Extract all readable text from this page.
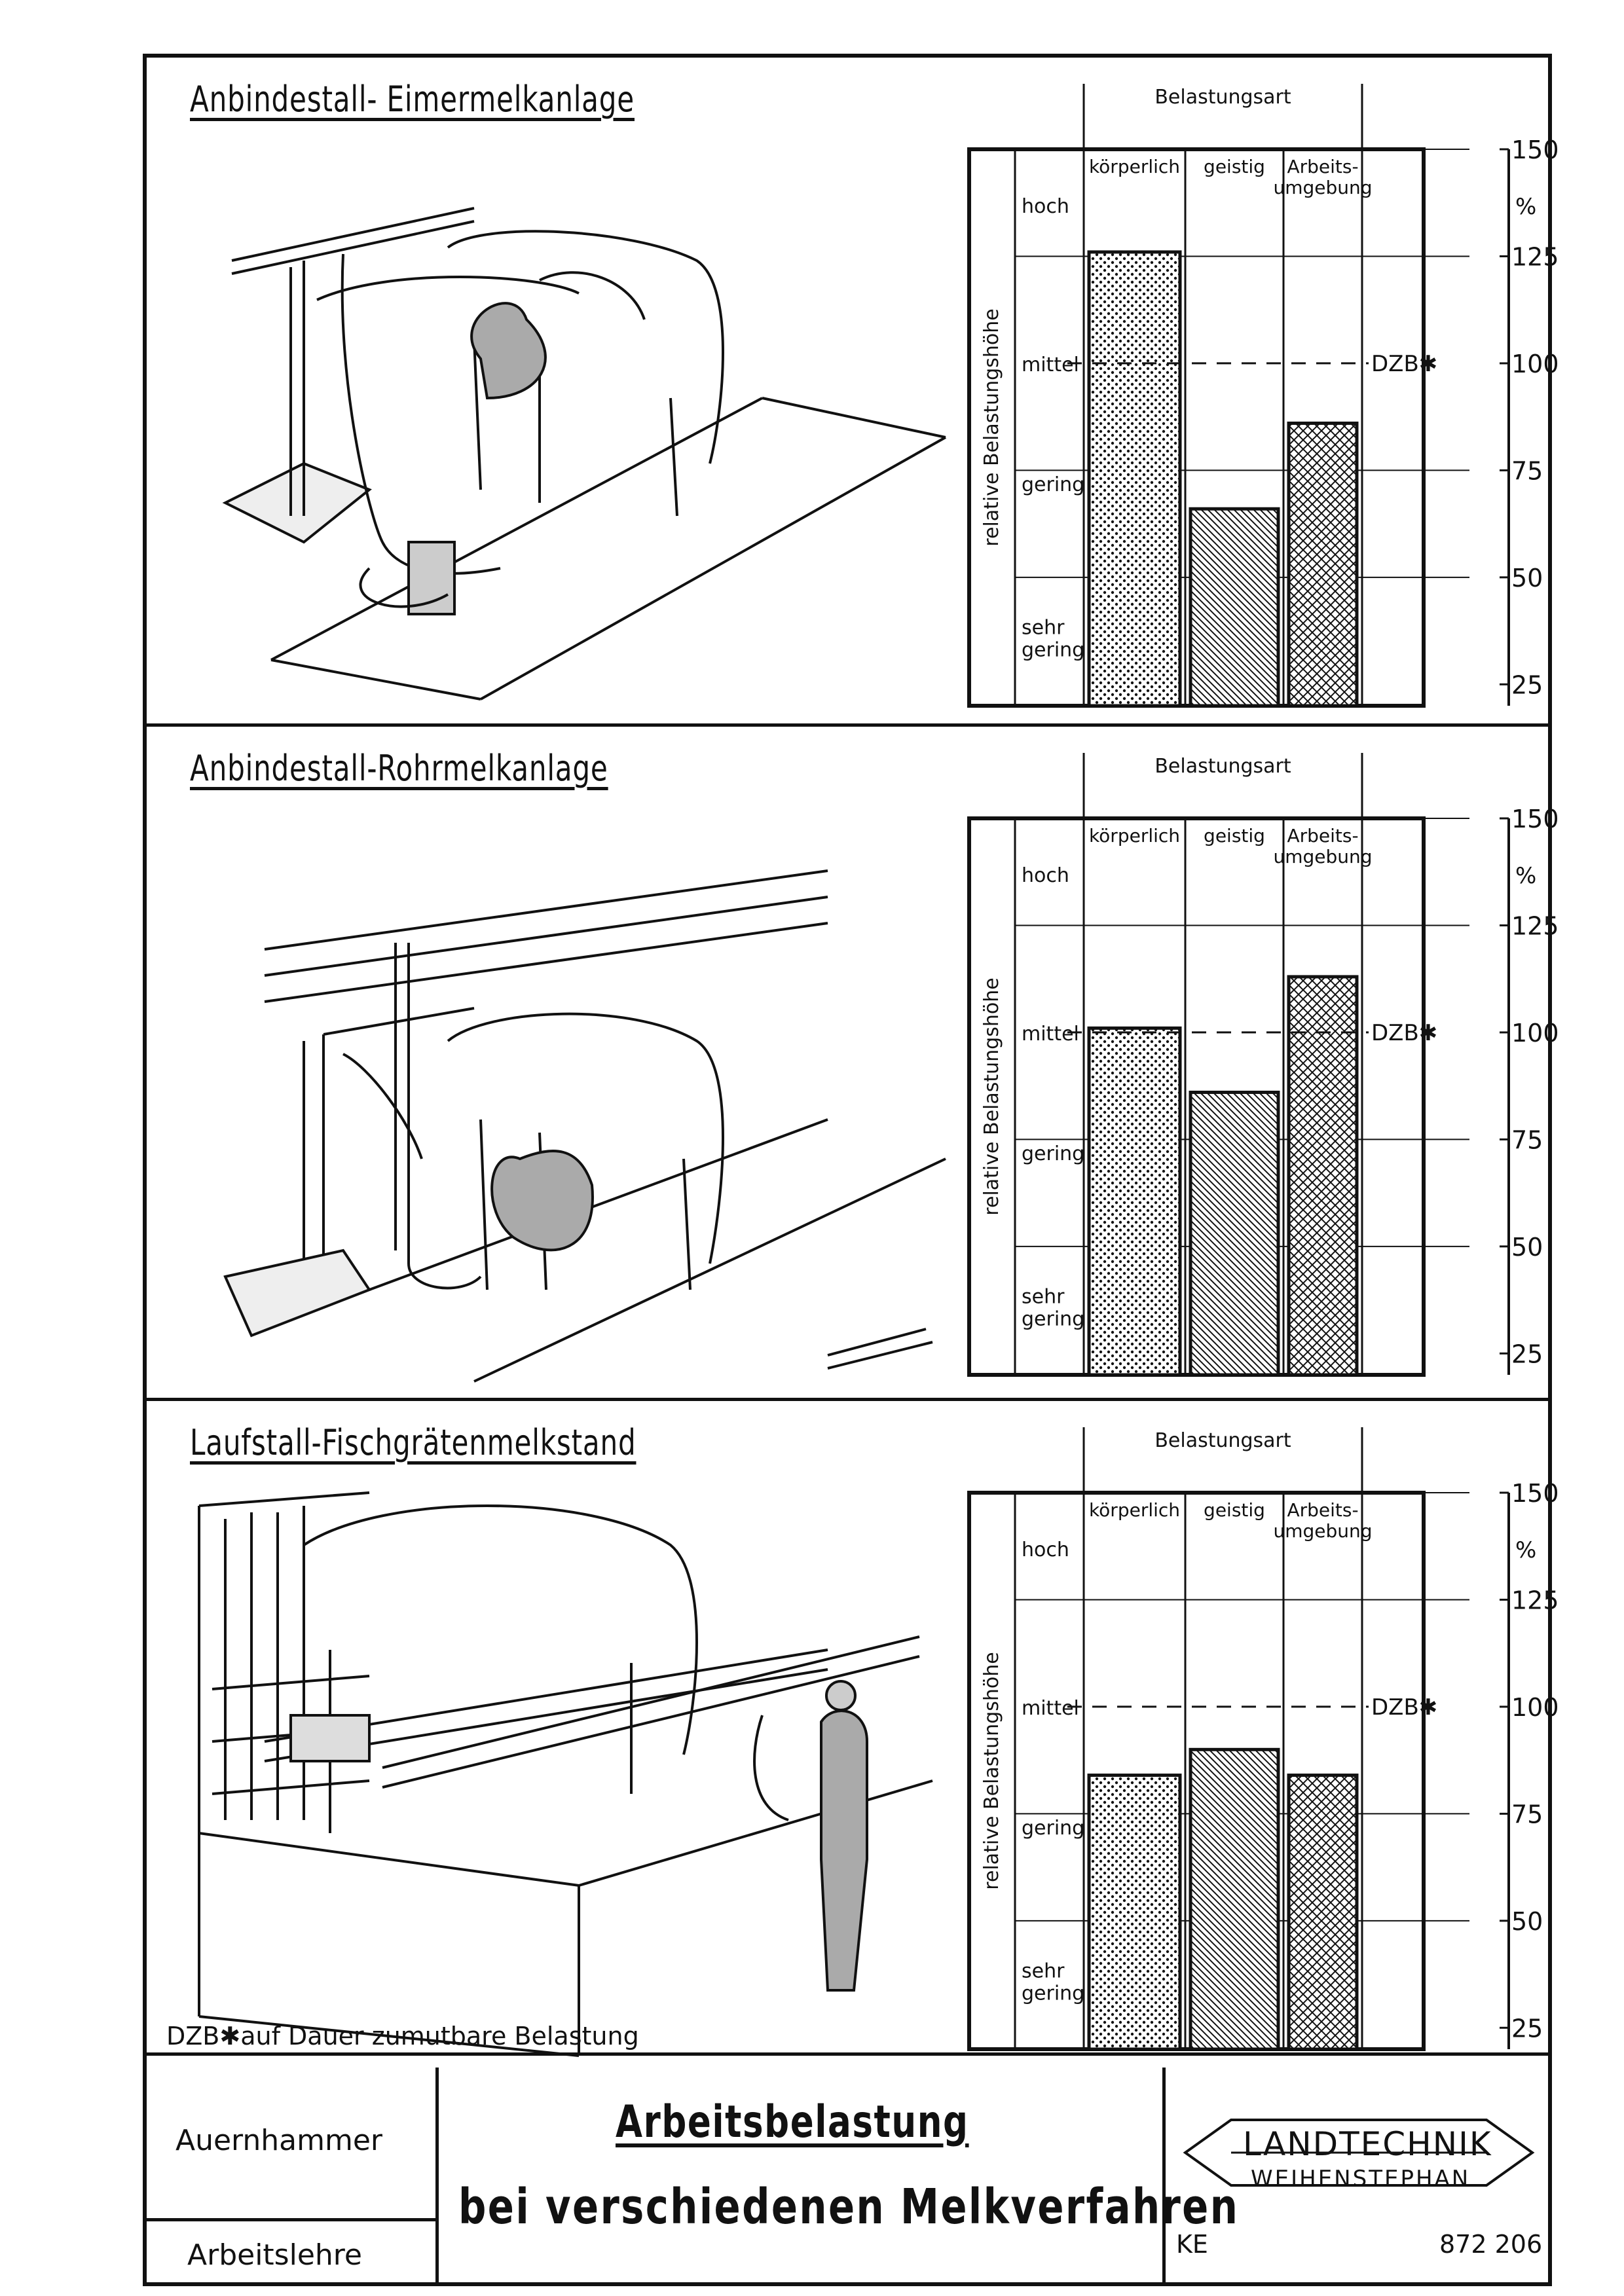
Anbindestall- Eimermelkanlage	Belastungsart
hoch
mittel
gering
sehr
gering
relative Belastungshöhe
körperlich geistig Arbeits-
umgebung
DZB✱
150
125
100
75
50
25
%
Anbindestall-Rohrmelkanlage	Belastungsart
hoch
mittel
gering
sehr
gering
relative Belastungshöhe
körperlich geistig Arbeits-
umgebung
DZB✱
150
125
100
75
50
25
%
Laufstall-Fischgrätenmelkstand	Belastungsart
hoch
mittel
gering
sehr
gering
relative Belastungshöhe
körperlich geistig Arbeits-
umgebung
DZB✱
150
125
100
75
50
25
%
DZB✱auf Dauer zumutbare Belastung
Auernhammer
Arbeitslehre
Arbeitsbelastung
bei verschiedenen Melkverfahren
LANDTECHNIK
WEIHENSTEPHAN
KE	872 206
